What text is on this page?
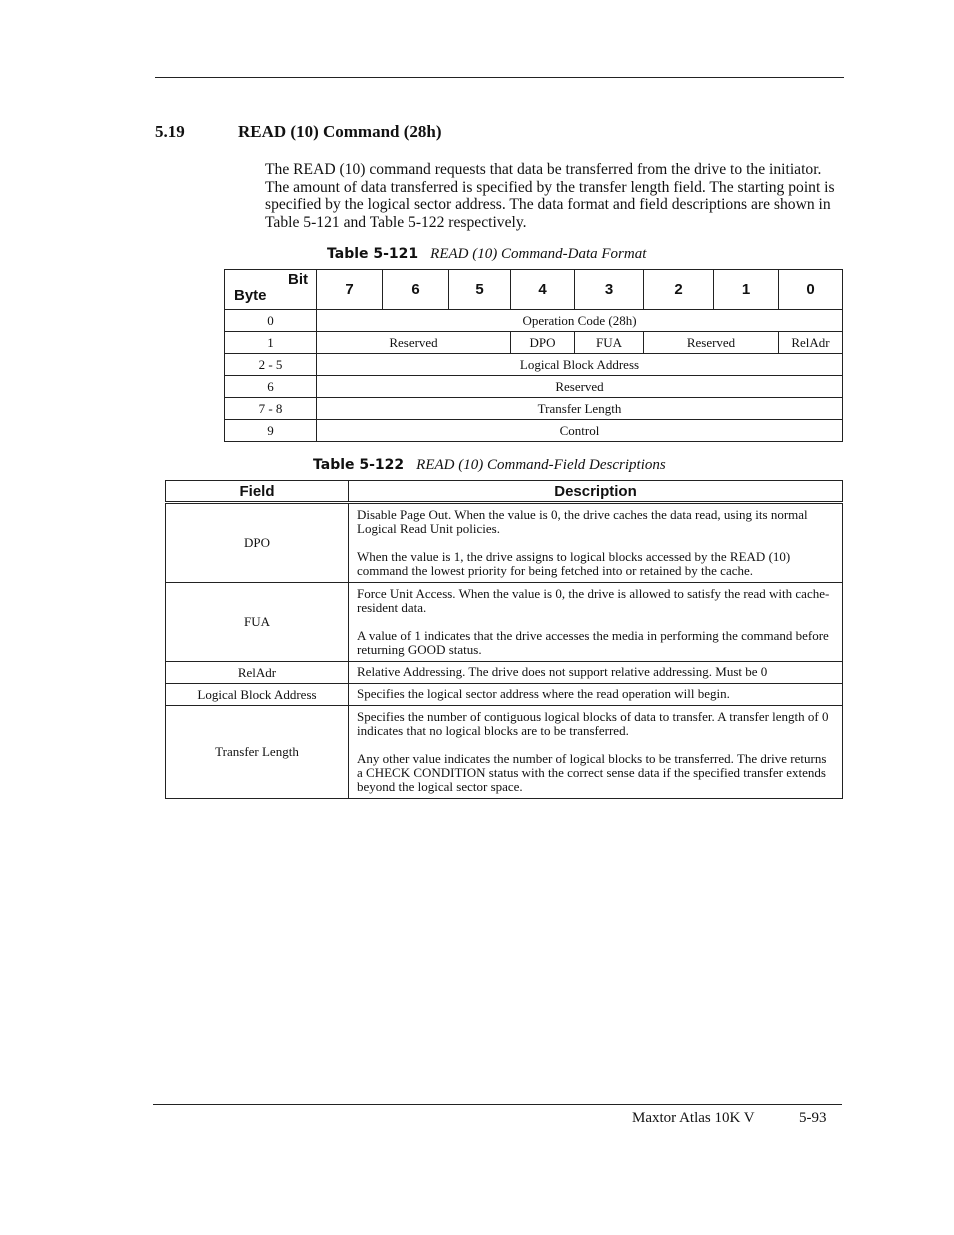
5.19	READ (10) Command (28h)

The READ (10) command requests that data be transferred from the drive to the initiator. The amount of data transferred is specified by the transfer length field. The starting point is specified by the logical sector address. The data format and field descriptions are shown in Table 5-121 and Table 5-122 respectively.

Table 5-121 READ (10) Command-Data Format
Bit
Byte	7	6	5	4	3	2	1	0
0	Operation Code (28h)							
1	Reserved			DPO	FUA	Reserved		RelAdr
2 - 5	Logical Block Address							
6	Reserved							
7 - 8	Transfer Length							
9	Control							
Table 5-122 READ (10) Command-Field Descriptions
Field	Description
DPO	Disable Page Out. When the value is 0, the drive caches the data read, using its normal Logical Read Unit policies.

When the value is 1, the drive assigns to logical blocks accessed by the READ (10) command the lowest priority for being fetched into or retained by the cache.

FUA	Force Unit Access. When the value is 0, the drive is allowed to satisfy the read with cache-resident data.

A value of 1 indicates that the drive accesses the media in performing the command before returning GOOD status.

RelAdr	Relative Addressing. The drive does not support relative addressing. Must be 0

Logical Block Address	Specifies the logical sector address where the read operation will begin.

Transfer Length	Specifies the number of contiguous logical blocks of data to transfer. A transfer length of 0 indicates that no logical blocks are to be transferred.

Any other value indicates the number of logical blocks to be transferred. The drive returns a CHECK CONDITION status with the correct sense data if the specified transfer extends beyond the logical sector space.

Maxtor Atlas 10K V	5-93
